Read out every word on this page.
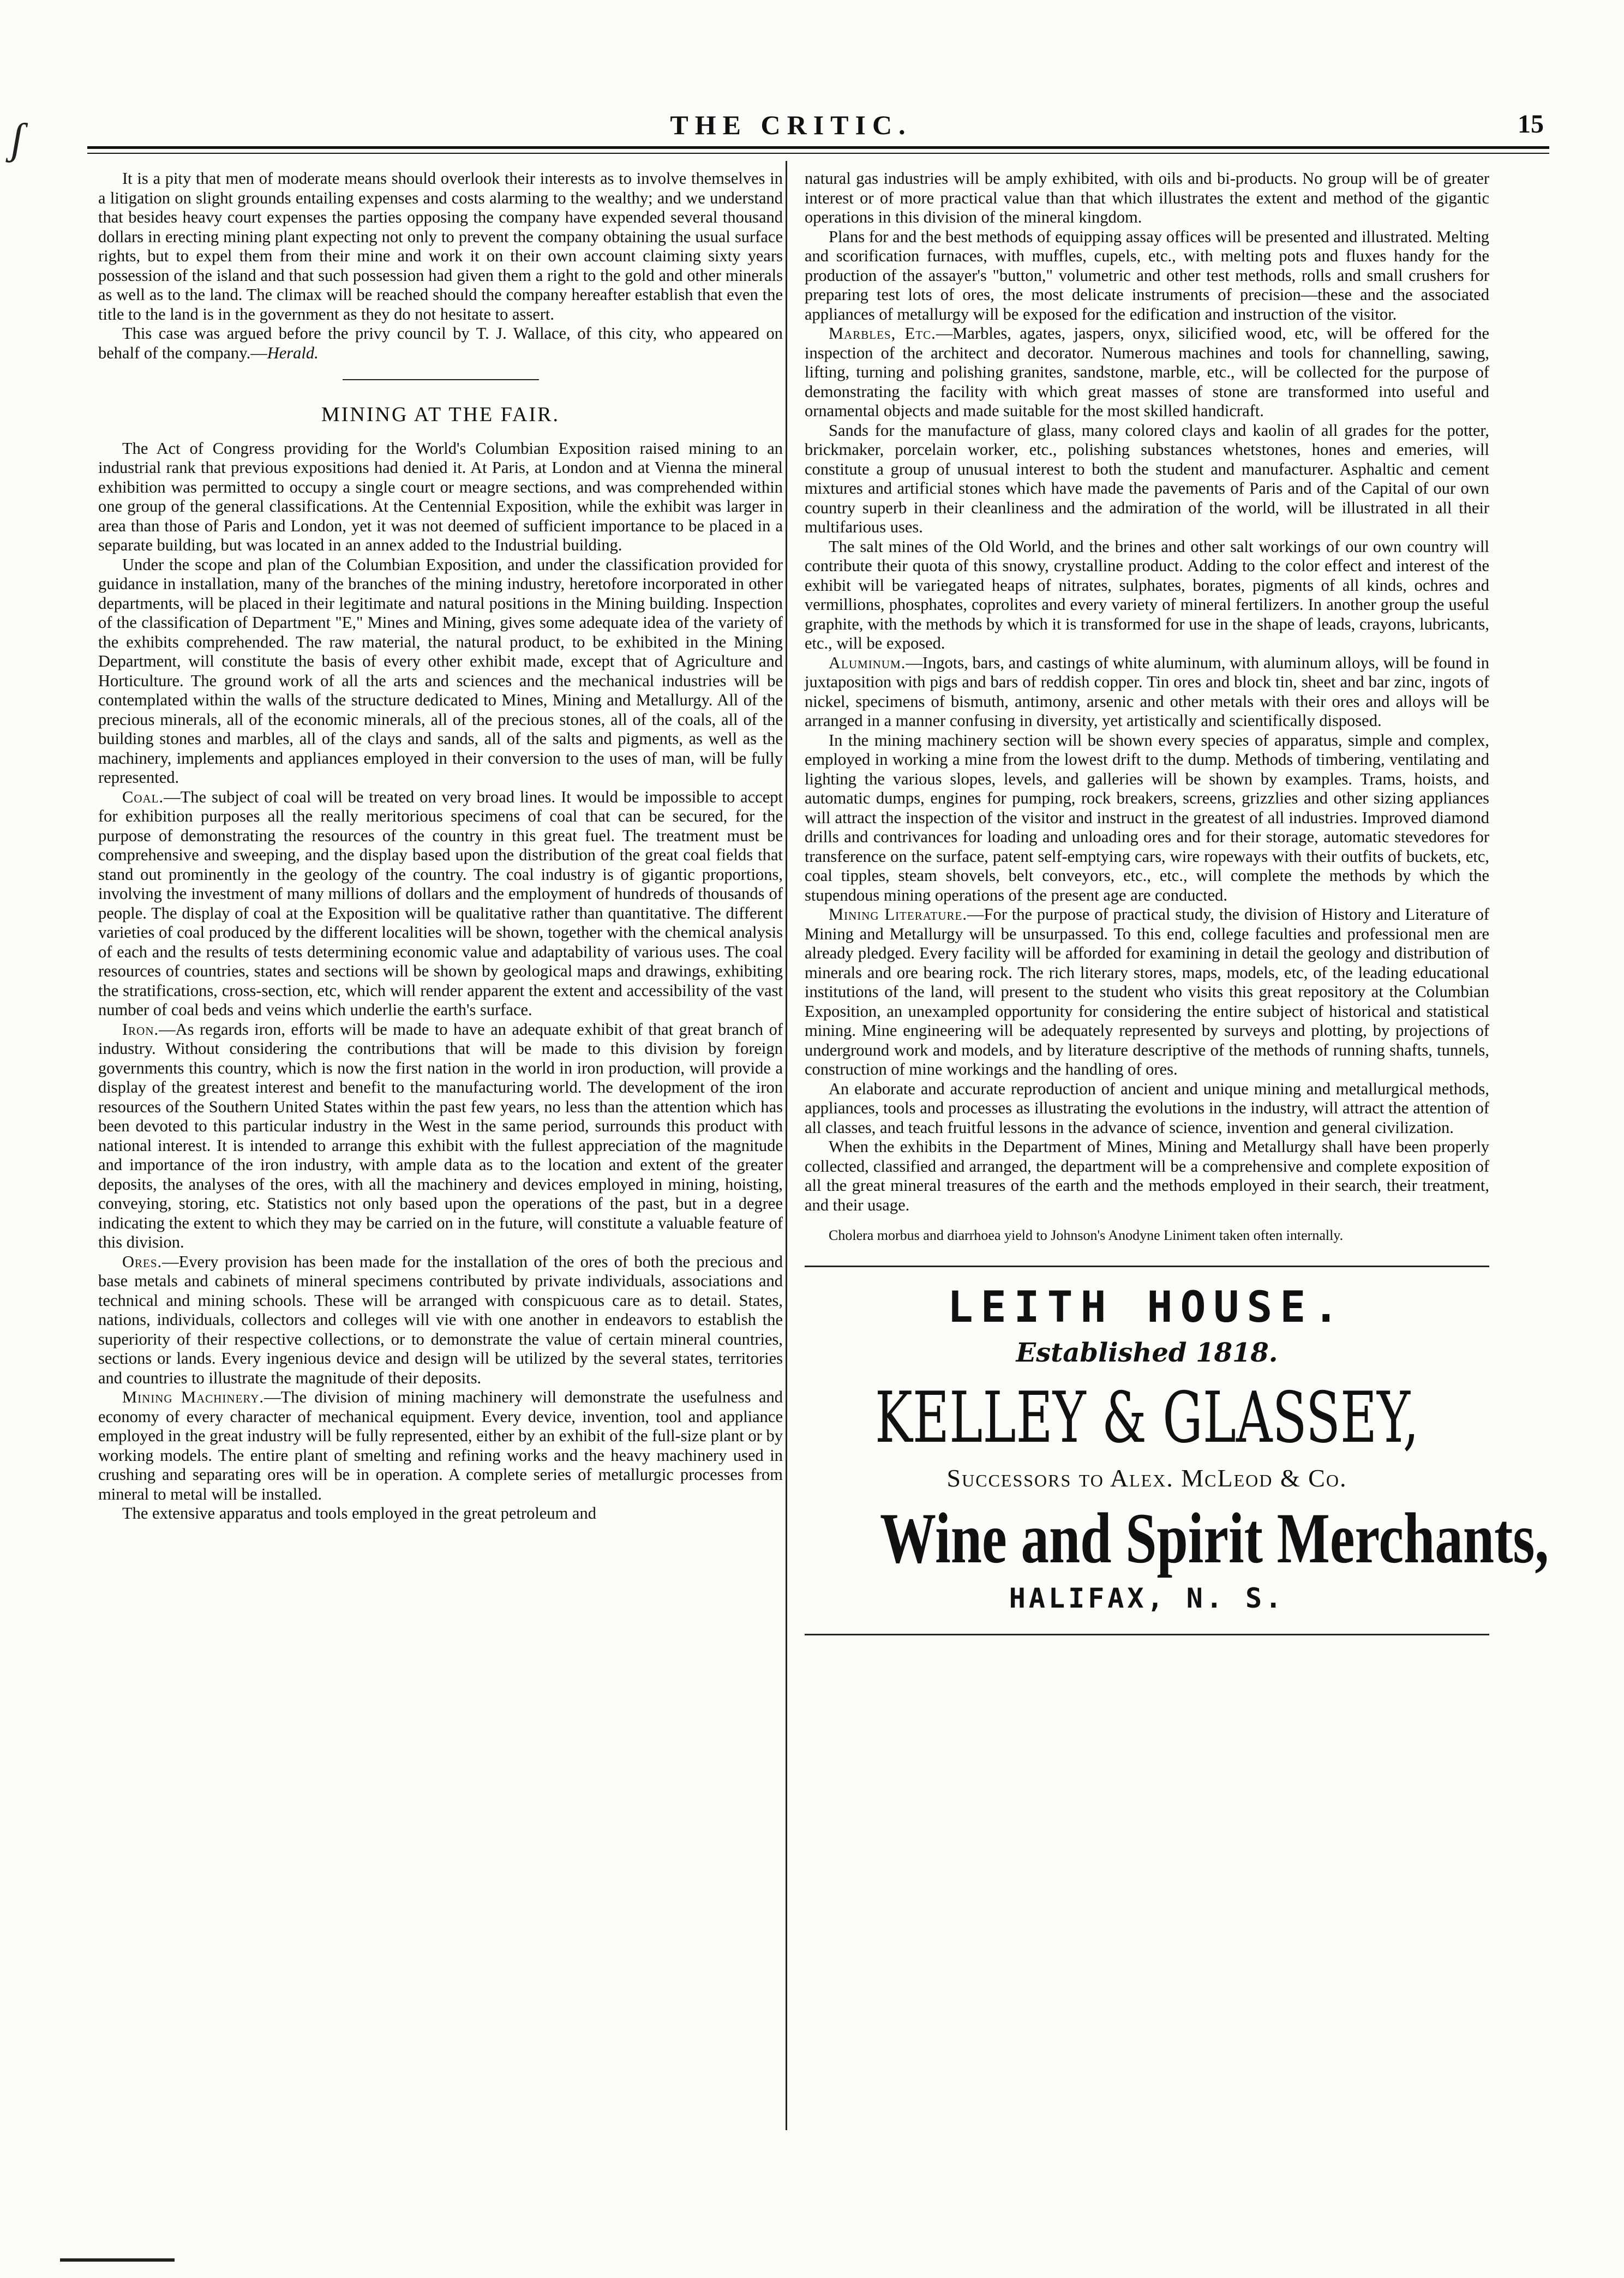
ʃ	THE CRITIC.	15

It is a pity that men of moderate means should overlook their interests as to involve themselves in a litigation on slight grounds entailing expenses and costs alarming to the wealthy; and we understand that besides heavy court expenses the parties opposing the company have expended several thousand dollars in erecting mining plant expecting not only to prevent the company obtaining the usual surface rights, but to expel them from their mine and work it on their own account claiming sixty years possession of the island and that such possession had given them a right to the gold and other minerals as well as to the land. The climax will be reached should the company hereafter establish that even the title to the land is in the government as they do not hesitate to assert.

This case was argued before the privy council by T. J. Wallace, of this city, who appeared on behalf of the company.—Herald.

MINING AT THE FAIR.

The Act of Congress providing for the World's Columbian Exposition raised mining to an industrial rank that previous expositions had denied it. At Paris, at London and at Vienna the mineral exhibition was permitted to occupy a single court or meagre sections, and was comprehended within one group of the general classifications. At the Centennial Exposition, while the exhibit was larger in area than those of Paris and London, yet it was not deemed of sufficient importance to be placed in a separate building, but was located in an annex added to the Industrial building.

Under the scope and plan of the Columbian Exposition, and under the classification provided for guidance in installation, many of the branches of the mining industry, heretofore incorporated in other departments, will be placed in their legitimate and natural positions in the Mining building. Inspection of the classification of Department "E," Mines and Mining, gives some adequate idea of the variety of the exhibits comprehended. The raw material, the natural product, to be exhibited in the Mining Department, will constitute the basis of every other exhibit made, except that of Agriculture and Horticulture. The ground work of all the arts and sciences and the mechanical industries will be contemplated within the walls of the structure dedicated to Mines, Mining and Metallurgy. All of the precious minerals, all of the economic minerals, all of the precious stones, all of the coals, all of the building stones and marbles, all of the clays and sands, all of the salts and pigments, as well as the machinery, implements and appliances employed in their conversion to the uses of man, will be fully represented.

Coal.—The subject of coal will be treated on very broad lines. It would be impossible to accept for exhibition purposes all the really meritorious specimens of coal that can be secured, for the purpose of demonstrating the resources of the country in this great fuel. The treatment must be comprehensive and sweeping, and the display based upon the distribution of the great coal fields that stand out prominently in the geology of the country. The coal industry is of gigantic proportions, involving the investment of many millions of dollars and the employment of hundreds of thousands of people. The display of coal at the Exposition will be qualitative rather than quantitative. The different varieties of coal produced by the different localities will be shown, together with the chemical analysis of each and the results of tests determining economic value and adaptability of various uses. The coal resources of countries, states and sections will be shown by geological maps and drawings, exhibiting the stratifications, cross-section, etc, which will render apparent the extent and accessibility of the vast number of coal beds and veins which underlie the earth's surface.

Iron.—As regards iron, efforts will be made to have an adequate exhibit of that great branch of industry. Without considering the contributions that will be made to this division by foreign governments this country, which is now the first nation in the world in iron production, will provide a display of the greatest interest and benefit to the manufacturing world. The development of the iron resources of the Southern United States within the past few years, no less than the attention which has been devoted to this particular industry in the West in the same period, surrounds this product with national interest. It is intended to arrange this exhibit with the fullest appreciation of the magnitude and importance of the iron industry, with ample data as to the location and extent of the greater deposits, the analyses of the ores, with all the machinery and devices employed in mining, hoisting, conveying, storing, etc. Statistics not only based upon the operations of the past, but in a degree indicating the extent to which they may be carried on in the future, will constitute a valuable feature of this division.

Ores.—Every provision has been made for the installation of the ores of both the precious and base metals and cabinets of mineral specimens contributed by private individuals, associations and technical and mining schools. These will be arranged with conspicuous care as to detail. States, nations, individuals, collectors and colleges will vie with one another in endeavors to establish the superiority of their respective collections, or to demonstrate the value of certain mineral countries, sections or lands. Every ingenious device and design will be utilized by the several states, territories and countries to illustrate the magnitude of their deposits.

Mining Machinery.—The division of mining machinery will demonstrate the usefulness and economy of every character of mechanical equipment. Every device, invention, tool and appliance employed in the great industry will be fully represented, either by an exhibit of the full-size plant or by working models. The entire plant of smelting and refining works and the heavy machinery used in crushing and separating ores will be in operation. A complete series of metallurgic processes from mineral to metal will be installed.

The extensive apparatus and tools employed in the great petroleum and

natural gas industries will be amply exhibited, with oils and bi-products. No group will be of greater interest or of more practical value than that which illustrates the extent and method of the gigantic operations in this division of the mineral kingdom.

Plans for and the best methods of equipping assay offices will be presented and illustrated. Melting and scorification furnaces, with muffles, cupels, etc., with melting pots and fluxes handy for the production of the assayer's "button," volumetric and other test methods, rolls and small crushers for preparing test lots of ores, the most delicate instruments of precision—these and the associated appliances of metallurgy will be exposed for the edification and instruction of the visitor.

Marbles, Etc.—Marbles, agates, jaspers, onyx, silicified wood, etc, will be offered for the inspection of the architect and decorator. Numerous machines and tools for channelling, sawing, lifting, turning and polishing granites, sandstone, marble, etc., will be collected for the purpose of demonstrating the facility with which great masses of stone are transformed into useful and ornamental objects and made suitable for the most skilled handicraft.

Sands for the manufacture of glass, many colored clays and kaolin of all grades for the potter, brickmaker, porcelain worker, etc., polishing substances whetstones, hones and emeries, will constitute a group of unusual interest to both the student and manufacturer. Asphaltic and cement mixtures and artificial stones which have made the pavements of Paris and of the Capital of our own country superb in their cleanliness and the admiration of the world, will be illustrated in all their multifarious uses.

The salt mines of the Old World, and the brines and other salt workings of our own country will contribute their quota of this snowy, crystalline product. Adding to the color effect and interest of the exhibit will be variegated heaps of nitrates, sulphates, borates, pigments of all kinds, ochres and vermillions, phosphates, coprolites and every variety of mineral fertilizers. In another group the useful graphite, with the methods by which it is transformed for use in the shape of leads, crayons, lubricants, etc., will be exposed.

Aluminum.—Ingots, bars, and castings of white aluminum, with aluminum alloys, will be found in juxtaposition with pigs and bars of reddish copper. Tin ores and block tin, sheet and bar zinc, ingots of nickel, specimens of bismuth, antimony, arsenic and other metals with their ores and alloys will be arranged in a manner confusing in diversity, yet artistically and scientifically disposed.

In the mining machinery section will be shown every species of apparatus, simple and complex, employed in working a mine from the lowest drift to the dump. Methods of timbering, ventilating and lighting the various slopes, levels, and galleries will be shown by examples. Trams, hoists, and automatic dumps, engines for pumping, rock breakers, screens, grizzlies and other sizing appliances will attract the inspection of the visitor and instruct in the greatest of all industries. Improved diamond drills and contrivances for loading and unloading ores and for their storage, automatic stevedores for transference on the surface, patent self-emptying cars, wire ropeways with their outfits of buckets, etc, coal tipples, steam shovels, belt conveyors, etc., etc., will complete the methods by which the stupendous mining operations of the present age are conducted.

Mining Literature.—For the purpose of practical study, the division of History and Literature of Mining and Metallurgy will be unsurpassed. To this end, college faculties and professional men are already pledged. Every facility will be afforded for examining in detail the geology and distribution of minerals and ore bearing rock. The rich literary stores, maps, models, etc, of the leading educational institutions of the land, will present to the student who visits this great repository at the Columbian Exposition, an unexampled opportunity for considering the entire subject of historical and statistical mining. Mine engineering will be adequately represented by surveys and plotting, by projections of underground work and models, and by literature descriptive of the methods of running shafts, tunnels, construction of mine workings and the handling of ores.

An elaborate and accurate reproduction of ancient and unique mining and metallurgical methods, appliances, tools and processes as illustrating the evolutions in the industry, will attract the attention of all classes, and teach fruitful lessons in the advance of science, invention and general civilization.

When the exhibits in the Department of Mines, Mining and Metallurgy shall have been properly collected, classified and arranged, the department will be a comprehensive and complete exposition of all the great mineral treasures of the earth and the methods employed in their search, their treatment, and their usage.

Cholera morbus and diarrhoea yield to Johnson's Anodyne Liniment taken often internally.
LEITH HOUSE.
Established 1818.
KELLEY & GLASSEY,
Successors to Alex. McLeod & Co.
Wine and Spirit Merchants,
HALIFAX, N. S.
